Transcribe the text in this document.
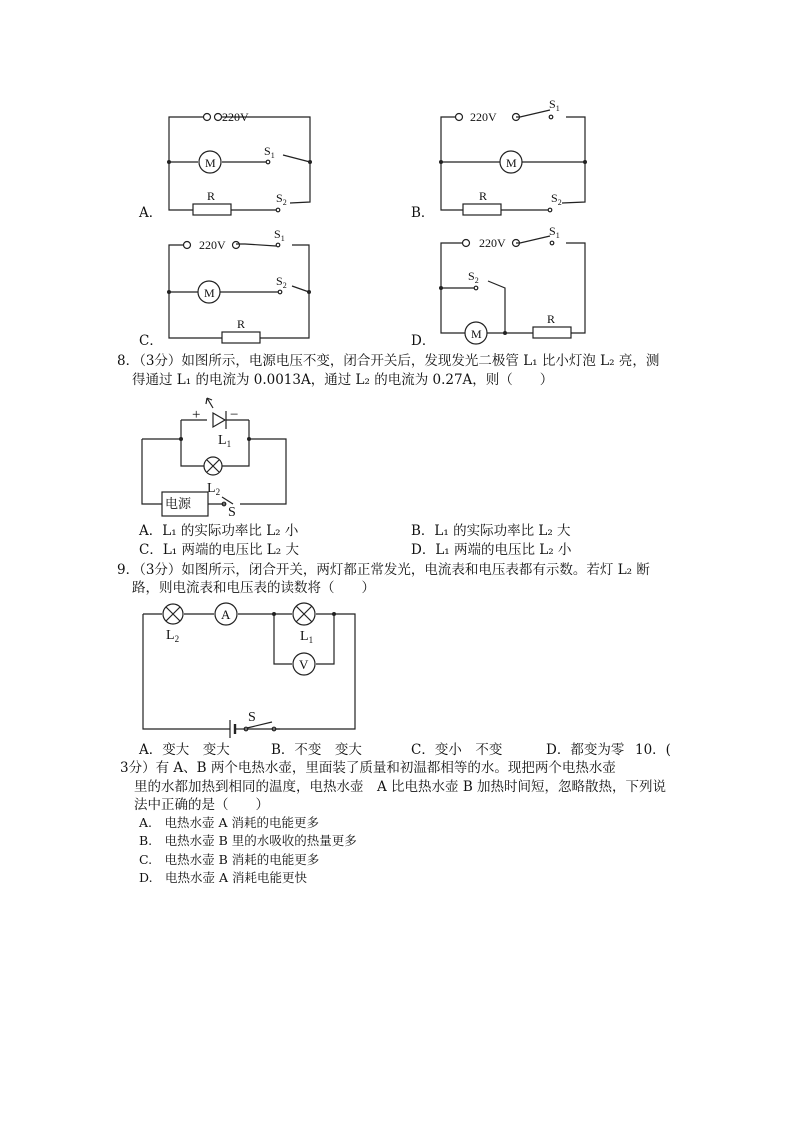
220V
M
$S_1$
R	$S_2$
220V
$S_1$
M
R	$S_2$
220V
$S_1$
M
$S_2$
R
220V
$S_1$
$S_2$
M
R
A．	B．
C．	D．
8．（3分）如图所示，电源电压不变，闭合开关后，发现发光二极管 L₁ 比小灯泡 L₂ 亮，测
得通过 L₁ 的电流为 0.0013A，通过 L₂ 的电流为 0.27A，则（　　）
+ −
$L_1$
$L_2$
S
电源
A．L₁ 的实际功率比 L₂ 小	B．L₁ 的实际功率比 L₂ 大
C．L₁ 两端的电压比 L₂ 大	D．L₁ 两端的电压比 L₂ 小
9．（3分）如图所示，闭合开关，两灯都正常发光，电流表和电压表都有示数。若灯 L₂ 断
路，则电流表和电压表的读数将（　　）
$L_2$
A
$L_1$
V
S
A．变大　变大	B．不变　变大	C．变小　不变	D．都变为零 10．(
3分）有 A、B 两个电热水壶，里面装了质量和初温都相等的水。现把两个电热水壶
里的水都加热到相同的温度，电热水壶　A 比电热水壶 B 加热时间短，忽略散热，下列说
法中正确的是（　　）
A.　电热水壶 A 消耗的电能更多
B.　电热水壶 B 里的水吸收的热量更多
C.　电热水壶 B 消耗的电能更多
D.　电热水壶 A 消耗电能更快
